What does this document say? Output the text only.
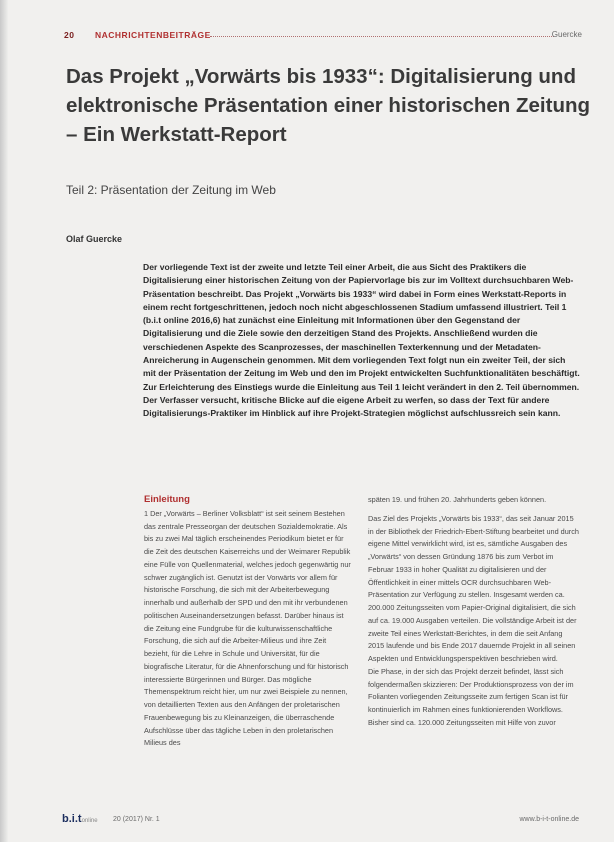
20 NACHRICHTENBEITRÄGE	Guercke
Das Projekt „Vorwärts bis 1933“: Digitalisierung und elektronische Präsentation einer historischen Zeitung – Ein Werkstatt-Report
Teil 2: Präsentation der Zeitung im Web
Olaf Guercke

Der vorliegende Text ist der zweite und letzte Teil einer Arbeit, die aus Sicht des Praktikers die Digitalisierung einer historischen Zeitung von der Papiervorlage bis zur im Volltext durchsuchbaren Web-Präsentation beschreibt. Das Projekt „Vorwärts bis 1933“ wird dabei in Form eines Werkstatt-Reports in einem recht fortgeschrittenen, jedoch noch nicht abgeschlossenen Stadium umfassend illustriert. Teil 1 (b.i.t online 2016,6) hat zunächst eine Einleitung mit Informationen über den Gegenstand der Digitalisierung und die Ziele sowie den derzeitigen Stand des Projekts. Anschließend wurden die verschiedenen Aspekte des Scanprozesses, der maschinellen Texterkennung und der Metadaten-Anreicherung in Augenschein genommen. Mit dem vorliegenden Text folgt nun ein zweiter Teil, der sich mit der Präsentation der Zeitung im Web und den im Projekt entwickelten Suchfunktionalitäten beschäftigt. Zur Erleichterung des Einstiegs wurde die Einleitung aus Teil 1 leicht verändert in den 2. Teil übernommen.

Der Verfasser versucht, kritische Blicke auf die eigene Arbeit zu werfen, so dass der Text für andere Digitalisierungs-Praktiker im Hinblick auf ihre Projekt-Strategien möglichst aufschlussreich sein kann.

Einleitung

1 Der „Vorwärts – Berliner Volksblatt“ ist seit seinem Bestehen das zentrale Presseorgan der deutschen Sozialdemokratie. Als bis zu zwei Mal täglich erscheinendes Periodikum bietet er für die Zeit des deutschen Kaiserreichs und der Weimarer Republik eine Fülle von Quellenmaterial, welches jedoch gegenwärtig nur schwer zugänglich ist. Genutzt ist der Vorwärts vor allem für historische Forschung, die sich mit der Arbeiterbewegung innerhalb und außerhalb der SPD und den mit ihr verbundenen politischen Auseinandersetzungen befasst. Darüber hinaus ist die Zeitung eine Fundgrube für die kulturwissenschaftliche Forschung, die sich auf die Arbeiter-Milieus und ihre Zeit bezieht, für die Lehre in Schule und Universität, für die biografische Literatur, für die Ahnenforschung und für historisch interessierte Bürgerinnen und Bürger. Das mögliche Themenspektrum reicht hier, um nur zwei Beispiele zu nennen, von detaillierten Texten aus den Anfängen der proletarischen Frauenbewegung bis zu Kleinanzeigen, die überraschende Aufschlüsse über das tägliche Leben in den proletarischen Milieus des

späten 19. und frühen 20. Jahrhunderts geben können.

Das Ziel des Projekts „Vorwärts bis 1933“, das seit Januar 2015 in der Bibliothek der Friedrich-Ebert-Stiftung bearbeitet und durch eigene Mittel verwirklicht wird, ist es, sämtliche Ausgaben des „Vorwärts“ von dessen Gründung 1876 bis zum Verbot im Februar 1933 in hoher Qualität zu digitalisieren und der Öffentlichkeit in einer mittels OCR durchsuchbaren Web-Präsentation zur Verfügung zu stellen. Insgesamt werden ca. 200.000 Zeitungsseiten vom Papier-Original digitalisiert, die sich auf ca. 19.000 Ausgaben verteilen. Die vollständige Arbeit ist der zweite Teil eines Werkstatt-Berichtes, in dem die seit Anfang 2015 laufende und bis Ende 2017 dauernde Projekt in all seinen Aspekten und Entwicklungsperspektiven beschrieben wird.

Die Phase, in der sich das Projekt derzeit befindet, lässt sich folgendermaßen skizzieren: Der Produktionsprozess von der im Folianten vorliegenden Zeitungsseite zum fertigen Scan ist für kontinuierlich im Rahmen eines funktionierenden Workflows. Bisher sind ca. 120.000 Zeitungsseiten mit Hilfe von zuvor

b.i.tonline 20 (2017) Nr. 1	www.b-i-t-online.de
